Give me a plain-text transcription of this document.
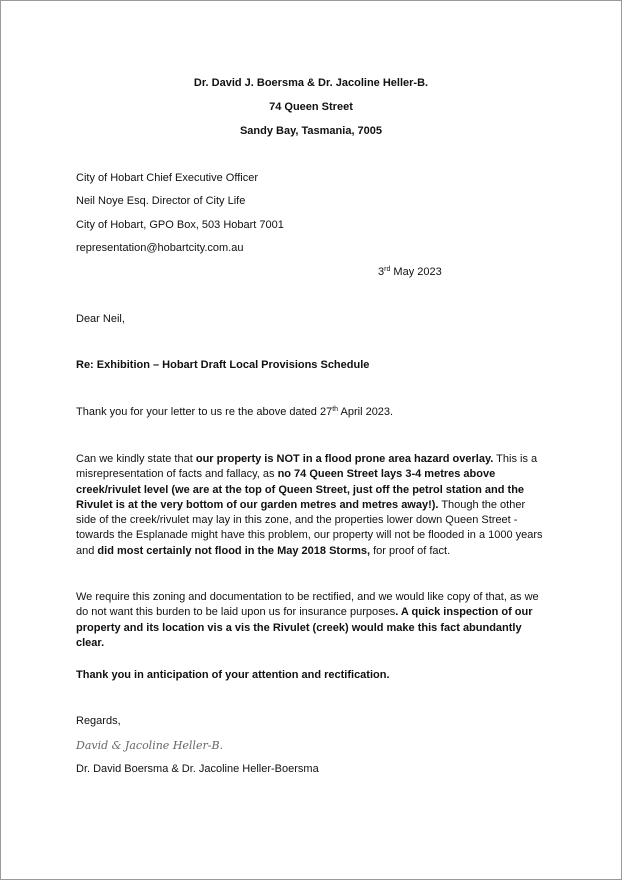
Dr. David J. Boersma & Dr. Jacoline Heller-B.
74 Queen Street
Sandy Bay, Tasmania, 7005
City of Hobart Chief Executive Officer
Neil Noye Esq. Director of City Life
City of Hobart, GPO Box, 503 Hobart 7001
representation@hobartcity.com.au
3rd May 2023
Dear Neil,
Re: Exhibition – Hobart Draft Local Provisions Schedule
Thank you for your letter to us re the above dated 27th April 2023.
Can we kindly state that our property is NOT in a flood prone area hazard overlay. This is a misrepresentation of facts and fallacy, as no 74 Queen Street lays 3-4 metres above creek/rivulet level (we are at the top of Queen Street, just off the petrol station and the Rivulet is at the very bottom of our garden metres and metres away!). Though the other side of the creek/rivulet may lay in this zone, and the properties lower down Queen Street - towards the Esplanade might have this problem, our property will not be flooded in a 1000 years and did most certainly not flood in the May 2018 Storms, for proof of fact.
We require this zoning and documentation to be rectified, and we would like copy of that, as we do not want this burden to be laid upon us for insurance purposes. A quick inspection of our property and its location vis a vis the Rivulet (creek) would make this fact abundantly clear.
Thank you in anticipation of your attention and rectification.
Regards,
David & Jacoline Heller-B.
Dr. David Boersma & Dr. Jacoline Heller-Boersma
